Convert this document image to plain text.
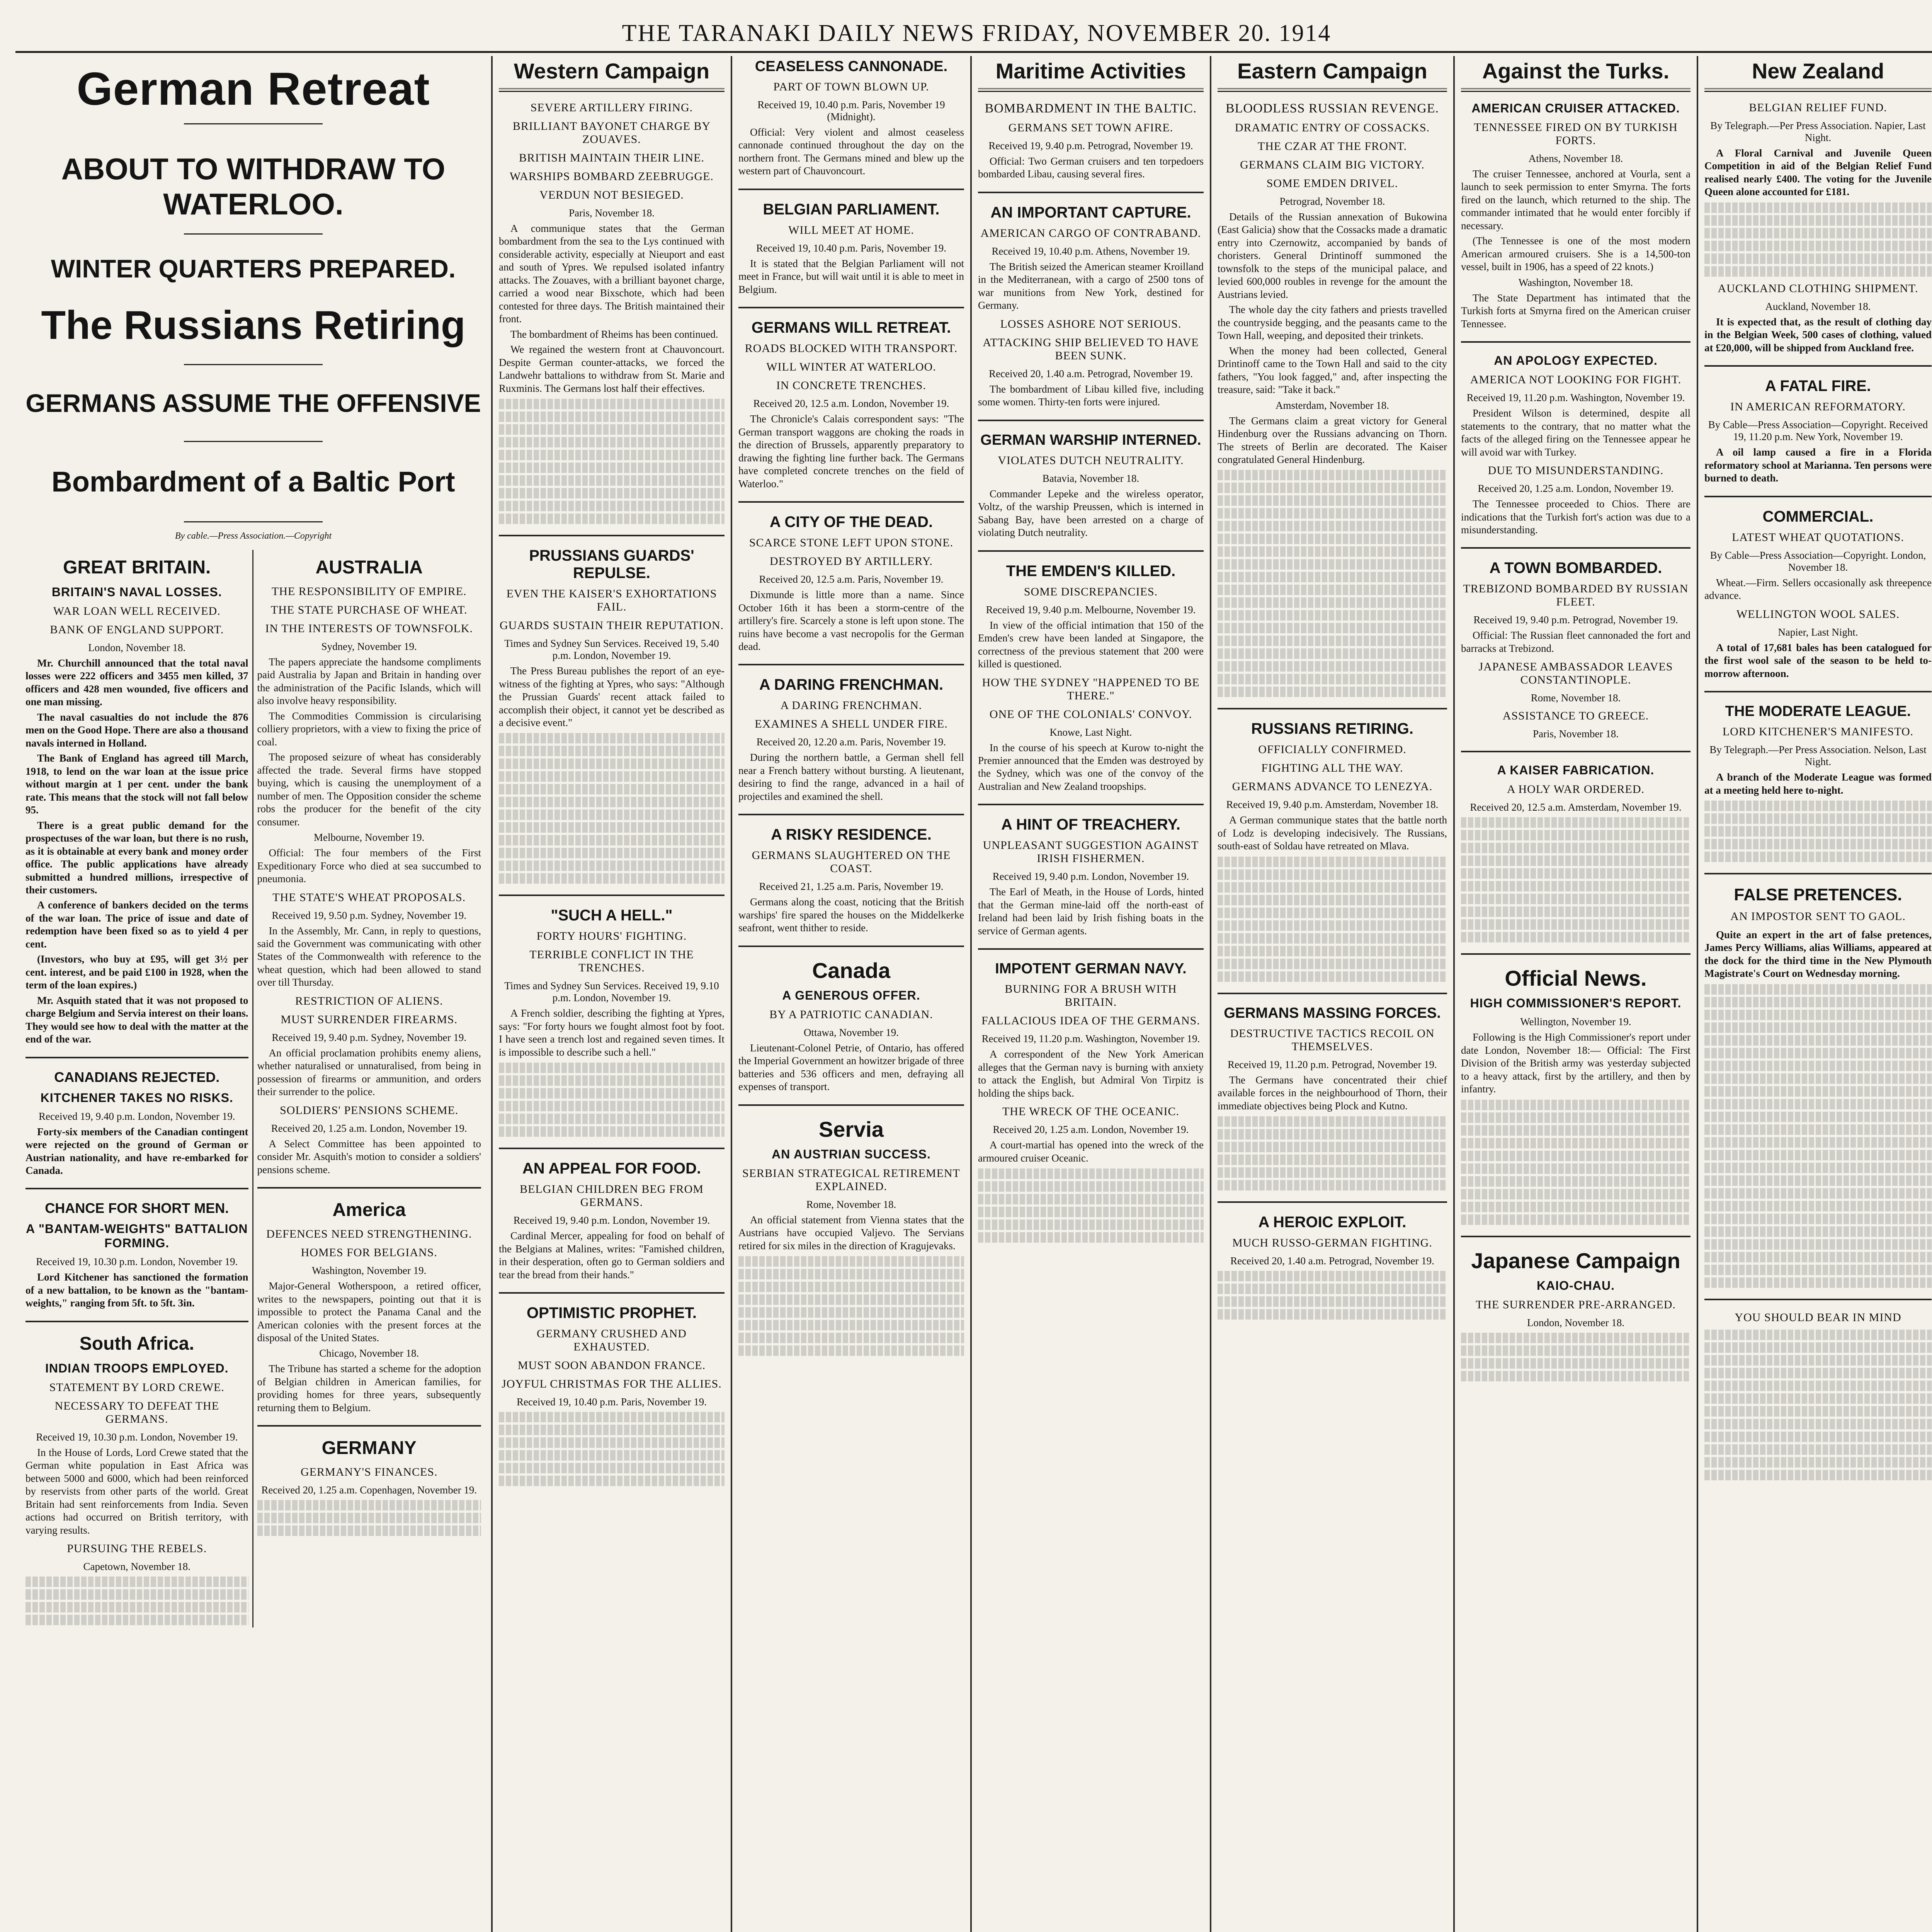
THE TARANAKI DAILY NEWS FRIDAY, NOVEMBER 20. 1914
German Retreat
ABOUT TO WITHDRAW TO WATERLOO.
WINTER QUARTERS PREPARED.
The Russians Retiring
GERMANS ASSUME THE OFFENSIVE
Bombardment of a Baltic Port
By cable.—Press Association.—Copyright
GREAT BRITAIN.
BRITAIN'S NAVAL LOSSES.
WAR LOAN WELL RECEIVED.
BANK OF ENGLAND SUPPORT.
London, November 18.

Mr. Churchill announced that the total naval losses were 222 officers and 3455 men killed, 37 officers and 428 men wounded, five officers and one man missing.

The naval casualties do not include the 876 men on the Good Hope. There are also a thousand navals interned in Holland.

The Bank of England has agreed till March, 1918, to lend on the war loan at the issue price without margin at 1 per cent. under the bank rate. This means that the stock will not fall below 95.

There is a great public demand for the prospectuses of the war loan, but there is no rush, as it is obtainable at every bank and money order office. The public applications have already submitted a hundred millions, irrespective of their customers.

A conference of bankers decided on the terms of the war loan. The price of issue and date of redemption have been fixed so as to yield 4 per cent.

(Investors, who buy at £95, will get 3½ per cent. interest, and be paid £100 in 1928, when the term of the loan expires.)

Mr. Asquith stated that it was not proposed to charge Belgium and Servia interest on their loans. They would see how to deal with the matter at the end of the war.

CANADIANS REJECTED.
KITCHENER TAKES NO RISKS.
Received 19, 9.40 p.m. London, November 19.

Forty-six members of the Canadian contingent were rejected on the ground of German or Austrian nationality, and have re-embarked for Canada.

CHANCE FOR SHORT MEN.
A "BANTAM-WEIGHTS" BATTALION FORMING.
Received 19, 10.30 p.m. London, November 19.

Lord Kitchener has sanctioned the formation of a new battalion, to be known as the "bantam-weights," ranging from 5ft. to 5ft. 3in.

South Africa.
INDIAN TROOPS EMPLOYED.
STATEMENT BY LORD CREWE.
NECESSARY TO DEFEAT THE GERMANS.
Received 19, 10.30 p.m. London, November 19.

In the House of Lords, Lord Crewe stated that the German white population in East Africa was between 5000 and 6000, which had been reinforced by reservists from other parts of the world. Great Britain had sent reinforcements from India. Seven actions had occurred on British territory, with varying results.

PURSUING THE REBELS.
Capetown, November 18.
AUSTRALIA
THE RESPONSIBILITY OF EMPIRE.
THE STATE PURCHASE OF WHEAT.
IN THE INTERESTS OF TOWNSFOLK.
Sydney, November 19.

The papers appreciate the handsome compliments paid Australia by Japan and Britain in handing over the administration of the Pacific Islands, which will also involve heavy responsibility.

The Commodities Commission is circularising colliery proprietors, with a view to fixing the price of coal.

The proposed seizure of wheat has considerably affected the trade. Several firms have stopped buying, which is causing the unemployment of a number of men. The Opposition consider the scheme robs the producer for the benefit of the city consumer.

Melbourne, November 19.

Official: The four members of the First Expeditionary Force who died at sea succumbed to pneumonia.

THE STATE'S WHEAT PROPOSALS.
Received 19, 9.50 p.m. Sydney, November 19.

In the Assembly, Mr. Cann, in reply to questions, said the Government was communicating with other States of the Commonwealth with reference to the wheat question, which had been allowed to stand over till Thursday.

RESTRICTION OF ALIENS.
MUST SURRENDER FIREARMS.
Received 19, 9.40 p.m. Sydney, November 19.

An official proclamation prohibits enemy aliens, whether naturalised or unnaturalised, from being in possession of firearms or ammunition, and orders their surrender to the police.

SOLDIERS' PENSIONS SCHEME.
Received 20, 1.25 a.m. London, November 19.

A Select Committee has been appointed to consider Mr. Asquith's motion to consider a soldiers' pensions scheme.

America
DEFENCES NEED STRENGTHENING.
HOMES FOR BELGIANS.
Washington, November 19.

Major-General Wotherspoon, a retired officer, writes to the newspapers, pointing out that it is impossible to protect the Panama Canal and the American colonies with the present forces at the disposal of the United States.

Chicago, November 18.

The Tribune has started a scheme for the adoption of Belgian children in American families, for providing homes for three years, subsequently returning them to Belgium.

GERMANY
GERMANY'S FINANCES.
Received 20, 1.25 a.m. Copenhagen, November 19.
Western Campaign
SEVERE ARTILLERY FIRING.
BRILLIANT BAYONET CHARGE BY ZOUAVES.
BRITISH MAINTAIN THEIR LINE.
WARSHIPS BOMBARD ZEEBRUGGE.
VERDUN NOT BESIEGED.
Paris, November 18.

A communique states that the German bombardment from the sea to the Lys continued with considerable activity, especially at Nieuport and east and south of Ypres. We repulsed isolated infantry attacks. The Zouaves, with a brilliant bayonet charge, carried a wood near Bixschote, which had been contested for three days. The British maintained their front.

The bombardment of Rheims has been continued.

We regained the western front at Chauvoncourt. Despite German counter-attacks, we forced the Landwehr battalions to withdraw from St. Marie and Ruxminis. The Germans lost half their effectives.

PRUSSIANS GUARDS' REPULSE.
EVEN THE KAISER'S EXHORTATIONS FAIL.
GUARDS SUSTAIN THEIR REPUTATION.
Times and Sydney Sun Services. Received 19, 5.40 p.m. London, November 19.

The Press Bureau publishes the report of an eye-witness of the fighting at Ypres, who says: "Although the Prussian Guards' recent attack failed to accomplish their object, it cannot yet be described as a decisive event."

"SUCH A HELL."
FORTY HOURS' FIGHTING.
TERRIBLE CONFLICT IN THE TRENCHES.
Times and Sydney Sun Services. Received 19, 9.10 p.m. London, November 19.

A French soldier, describing the fighting at Ypres, says: "For forty hours we fought almost foot by foot. I have seen a trench lost and regained seven times. It is impossible to describe such a hell."

AN APPEAL FOR FOOD.
BELGIAN CHILDREN BEG FROM GERMANS.
Received 19, 9.40 p.m. London, November 19.

Cardinal Mercer, appealing for food on behalf of the Belgians at Malines, writes: "Famished children, in their desperation, often go to German soldiers and tear the bread from their hands."

OPTIMISTIC PROPHET.
GERMANY CRUSHED AND EXHAUSTED.
MUST SOON ABANDON FRANCE.
JOYFUL CHRISTMAS FOR THE ALLIES.
Received 19, 10.40 p.m. Paris, November 19.
CEASELESS CANNONADE.
PART OF TOWN BLOWN UP.
Received 19, 10.40 p.m. Paris, November 19 (Midnight).

Official: Very violent and almost ceaseless cannonade continued throughout the day on the northern front. The Germans mined and blew up the western part of Chauvoncourt.

BELGIAN PARLIAMENT.
WILL MEET AT HOME.
Received 19, 10.40 p.m. Paris, November 19.

It is stated that the Belgian Parliament will not meet in France, but will wait until it is able to meet in Belgium.

GERMANS WILL RETREAT.
ROADS BLOCKED WITH TRANSPORT.
WILL WINTER AT WATERLOO.
IN CONCRETE TRENCHES.
Received 20, 12.5 a.m. London, November 19.

The Chronicle's Calais correspondent says: "The German transport waggons are choking the roads in the direction of Brussels, apparently preparatory to drawing the fighting line further back. The Germans have completed concrete trenches on the field of Waterloo."

A CITY OF THE DEAD.
SCARCE STONE LEFT UPON STONE.
DESTROYED BY ARTILLERY.
Received 20, 12.5 a.m. Paris, November 19.

Dixmunde is little more than a name. Since October 16th it has been a storm-centre of the artillery's fire. Scarcely a stone is left upon stone. The ruins have become a vast necropolis for the German dead.

A DARING FRENCHMAN.
A DARING FRENCHMAN.
EXAMINES A SHELL UNDER FIRE.
Received 20, 12.20 a.m. Paris, November 19.

During the northern battle, a German shell fell near a French battery without bursting. A lieutenant, desiring to find the range, advanced in a hail of projectiles and examined the shell.

A RISKY RESIDENCE.
GERMANS SLAUGHTERED ON THE COAST.
Received 21, 1.25 a.m. Paris, November 19.

Germans along the coast, noticing that the British warships' fire spared the houses on the Middelkerke seafront, went thither to reside.

Canada
A GENEROUS OFFER.
BY A PATRIOTIC CANADIAN.
Ottawa, November 19.

Lieutenant-Colonel Petrie, of Ontario, has offered the Imperial Government an howitzer brigade of three batteries and 536 officers and men, defraying all expenses of transport.

Servia
AN AUSTRIAN SUCCESS.
SERBIAN STRATEGICAL RETIREMENT EXPLAINED.
Rome, November 18.

An official statement from Vienna states that the Austrians have occupied Valjevo. The Servians retired for six miles in the direction of Kragujevaks.

Maritime Activities
BOMBARDMENT IN THE BALTIC.
GERMANS SET TOWN AFIRE.
Received 19, 9.40 p.m. Petrograd, November 19.

Official: Two German cruisers and ten torpedoers bombarded Libau, causing several fires.

AN IMPORTANT CAPTURE.
AMERICAN CARGO OF CONTRABAND.
Received 19, 10.40 p.m. Athens, November 19.

The British seized the American steamer Kroilland in the Mediterranean, with a cargo of 2500 tons of war munitions from New York, destined for Germany.

LOSSES ASHORE NOT SERIOUS.
ATTACKING SHIP BELIEVED TO HAVE BEEN SUNK.
Received 20, 1.40 a.m. Petrograd, November 19.

The bombardment of Libau killed five, including some women. Thirty-ten forts were injured.

GERMAN WARSHIP INTERNED.
VIOLATES DUTCH NEUTRALITY.
Batavia, November 18.

Commander Lepeke and the wireless operator, Voltz, of the warship Preussen, which is interned in Sabang Bay, have been arrested on a charge of violating Dutch neutrality.

THE EMDEN'S KILLED.
SOME DISCREPANCIES.
Received 19, 9.40 p.m. Melbourne, November 19.

In view of the official intimation that 150 of the Emden's crew have been landed at Singapore, the correctness of the previous statement that 200 were killed is questioned.

HOW THE SYDNEY "HAPPENED TO BE THERE."
ONE OF THE COLONIALS' CONVOY.
Knowe, Last Night.

In the course of his speech at Kurow to-night the Premier announced that the Emden was destroyed by the Sydney, which was one of the convoy of the Australian and New Zealand troopships.

A HINT OF TREACHERY.
UNPLEASANT SUGGESTION AGAINST IRISH FISHERMEN.
Received 19, 9.40 p.m. London, November 19.

The Earl of Meath, in the House of Lords, hinted that the German mine-laid off the north-east of Ireland had been laid by Irish fishing boats in the service of German agents.

IMPOTENT GERMAN NAVY.
BURNING FOR A BRUSH WITH BRITAIN.
FALLACIOUS IDEA OF THE GERMANS.
Received 19, 11.20 p.m. Washington, November 19.

A correspondent of the New York American alleges that the German navy is burning with anxiety to attack the English, but Admiral Von Tirpitz is holding the ships back.

THE WRECK OF THE OCEANIC.
Received 20, 1.25 a.m. London, November 19.

A court-martial has opened into the wreck of the armoured cruiser Oceanic.

Eastern Campaign
BLOODLESS RUSSIAN REVENGE.
DRAMATIC ENTRY OF COSSACKS.
THE CZAR AT THE FRONT.
GERMANS CLAIM BIG VICTORY.
SOME EMDEN DRIVEL.
Petrograd, November 18.

Details of the Russian annexation of Bukowina (East Galicia) show that the Cossacks made a dramatic entry into Czernowitz, accompanied by bands of choristers. General Drintinoff summoned the townsfolk to the steps of the municipal palace, and levied 600,000 roubles in revenge for the amount the Austrians levied.

The whole day the city fathers and priests travelled the countryside begging, and the peasants came to the Town Hall, weeping, and deposited their trinkets.

When the money had been collected, General Drintinoff came to the Town Hall and said to the city fathers, "You look fagged," and, after inspecting the treasure, said: "Take it back."

Amsterdam, November 18.

The Germans claim a great victory for General Hindenburg over the Russians advancing on Thorn. The streets of Berlin are decorated. The Kaiser congratulated General Hindenburg.

RUSSIANS RETIRING.
OFFICIALLY CONFIRMED.
FIGHTING ALL THE WAY.
GERMANS ADVANCE TO LENEZYA.
Received 19, 9.40 p.m. Amsterdam, November 18.

A German communique states that the battle north of Lodz is developing indecisively. The Russians, south-east of Soldau have retreated on Mlava.

GERMANS MASSING FORCES.
DESTRUCTIVE TACTICS RECOIL ON THEMSELVES.
Received 19, 11.20 p.m. Petrograd, November 19.

The Germans have concentrated their chief available forces in the neighbourhood of Thorn, their immediate objectives being Plock and Kutno.

A HEROIC EXPLOIT.
MUCH RUSSO-GERMAN FIGHTING.
Received 20, 1.40 a.m. Petrograd, November 19.
Against the Turks.
AMERICAN CRUISER ATTACKED.
TENNESSEE FIRED ON BY TURKISH FORTS.
Athens, November 18.

The cruiser Tennessee, anchored at Vourla, sent a launch to seek permission to enter Smyrna. The forts fired on the launch, which returned to the ship. The commander intimated that he would enter forcibly if necessary.

(The Tennessee is one of the most modern American armoured cruisers. She is a 14,500-ton vessel, built in 1906, has a speed of 22 knots.)

Washington, November 18.

The State Department has intimated that the Turkish forts at Smyrna fired on the American cruiser Tennessee.

AN APOLOGY EXPECTED.
AMERICA NOT LOOKING FOR FIGHT.
Received 19, 11.20 p.m. Washington, November 19.

President Wilson is determined, despite all statements to the contrary, that no matter what the facts of the alleged firing on the Tennessee appear he will avoid war with Turkey.

DUE TO MISUNDERSTANDING.
Received 20, 1.25 a.m. London, November 19.

The Tennessee proceeded to Chios. There are indications that the Turkish fort's action was due to a misunderstanding.

A TOWN BOMBARDED.
TREBIZOND BOMBARDED BY RUSSIAN FLEET.
Received 19, 9.40 p.m. Petrograd, November 19.

Official: The Russian fleet cannonaded the fort and barracks at Trebizond.

JAPANESE AMBASSADOR LEAVES CONSTANTINOPLE.
Rome, November 18.
ASSISTANCE TO GREECE.
Paris, November 18.
A KAISER FABRICATION.
A HOLY WAR ORDERED.
Received 20, 12.5 a.m. Amsterdam, November 19.
Official News.
HIGH COMMISSIONER'S REPORT.
Wellington, November 19.

Following is the High Commissioner's report under date London, November 18:— Official: The First Division of the British army was yesterday subjected to a heavy attack, first by the artillery, and then by infantry.

Japanese Campaign
KAIO-CHAU.
THE SURRENDER PRE-ARRANGED.
London, November 18.
New Zealand
BELGIAN RELIEF FUND.
By Telegraph.—Per Press Association. Napier, Last Night.

A Floral Carnival and Juvenile Queen Competition in aid of the Belgian Relief Fund realised nearly £400. The voting for the Juvenile Queen alone accounted for £181.

AUCKLAND CLOTHING SHIPMENT.
Auckland, November 18.

It is expected that, as the result of clothing day in the Belgian Week, 500 cases of clothing, valued at £20,000, will be shipped from Auckland free.

A FATAL FIRE.
IN AMERICAN REFORMATORY.
By Cable—Press Association—Copyright. Received 19, 11.20 p.m. New York, November 19.

A oil lamp caused a fire in a Florida reformatory school at Marianna. Ten persons were burned to death.

COMMERCIAL.
LATEST WHEAT QUOTATIONS.
By Cable—Press Association—Copyright. London, November 18.

Wheat.—Firm. Sellers occasionally ask threepence advance.

WELLINGTON WOOL SALES.
Napier, Last Night.

A total of 17,681 bales has been catalogued for the first wool sale of the season to be held to-morrow afternoon.

THE MODERATE LEAGUE.
LORD KITCHENER'S MANIFESTO.
By Telegraph.—Per Press Association. Nelson, Last Night.

A branch of the Moderate League was formed at a meeting held here to-night.

FALSE PRETENCES.
AN IMPOSTOR SENT TO GAOL.

Quite an expert in the art of false pretences, James Percy Williams, alias Williams, appeared at the dock for the third time in the New Plymouth Magistrate's Court on Wednesday morning.

YOU SHOULD BEAR IN MIND
